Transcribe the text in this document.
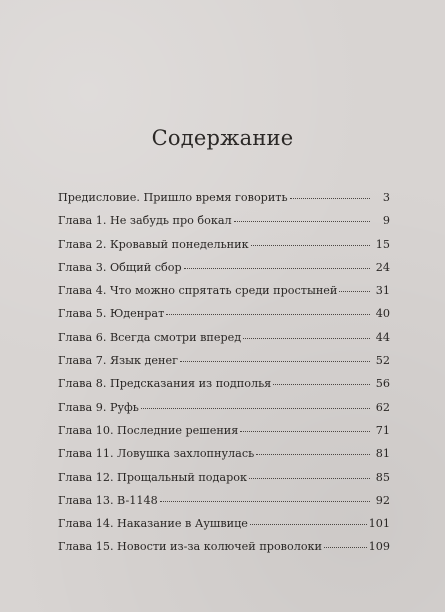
Содержание
Предисловие. Пришло время говорить	3
Глава 1. Не забудь про бокал	9
Глава 2. Кровавый понедельник	15
Глава 3. Общий сбор	24
Глава 4. Что можно спрятать среди простыней	31
Глава 5. Юденрат	40
Глава 6. Всегда смотри вперед	44
Глава 7. Язык денег	52
Глава 8. Предсказания из подполья	56
Глава 9. Руфь	62
Глава 10. Последние решения	71
Глава 11. Ловушка захлопнулась	81
Глава 12. Прощальный подарок	85
Глава 13. B-1148	92
Глава 14. Наказание в Аушвице	101
Глава 15. Новости из-за колючей проволоки	109
